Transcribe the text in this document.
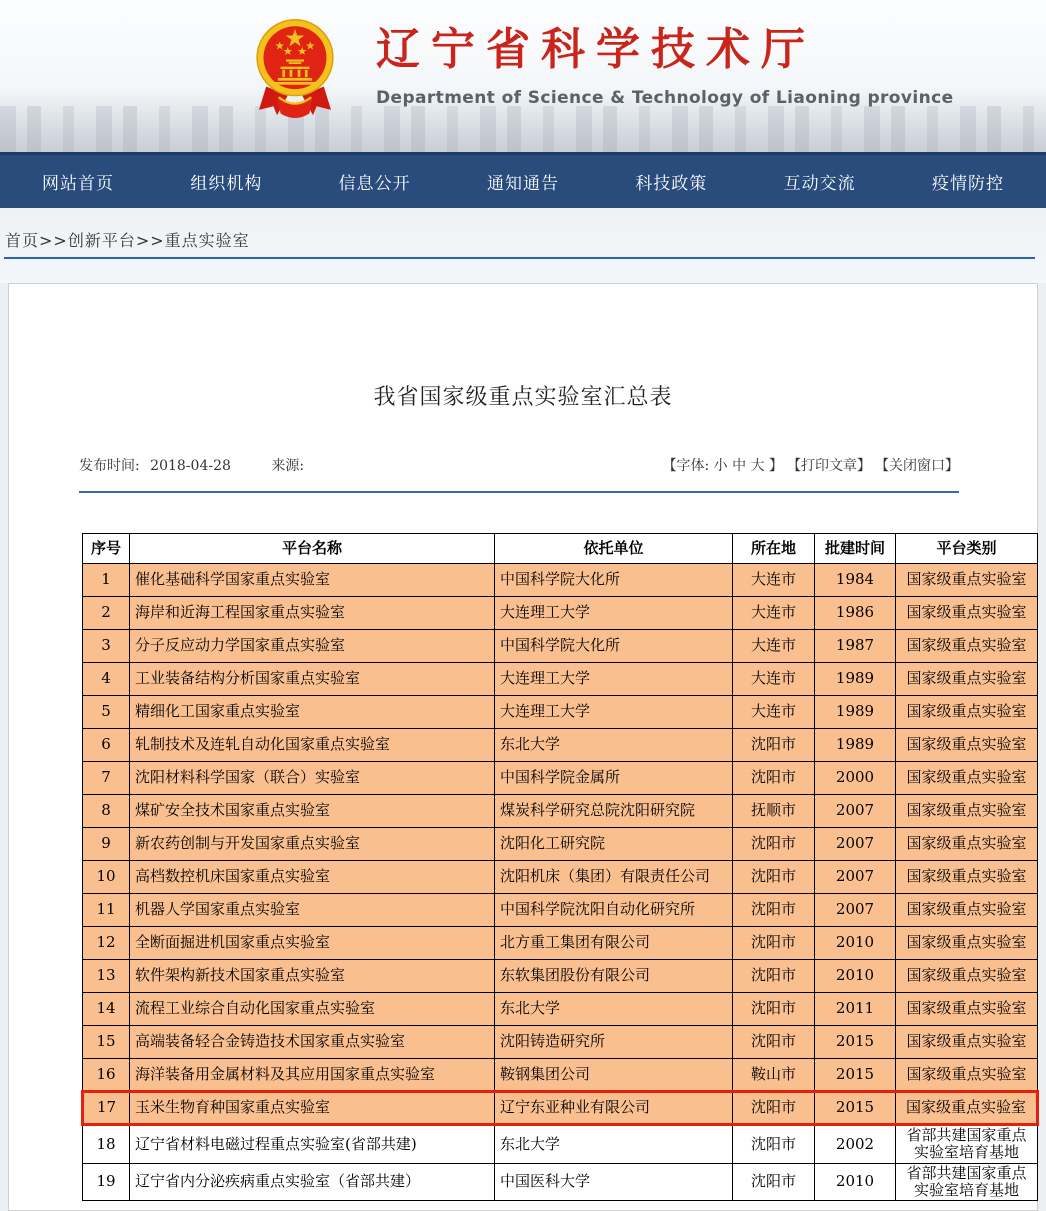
辽宁省科学技术厅
Department of Science & Technology of Liaoning province
网站首页	组织机构	信息公开	通知通告	科技政策	互动交流	疫情防控
首页>>创新平台>>重点实验室
我省国家级重点实验室汇总表
发布时间: 2018-04-28	来源:	【字体: 小 中 大 】 【打印文章】 【关闭窗口】
序号	平台名称	依托单位	所在地	批建时间	平台类别
1	催化基础科学国家重点实验室	中国科学院大化所	大连市	1984	国家级重点实验室
2	海岸和近海工程国家重点实验室	大连理工大学	大连市	1986	国家级重点实验室
3	分子反应动力学国家重点实验室	中国科学院大化所	大连市	1987	国家级重点实验室
4	工业装备结构分析国家重点实验室	大连理工大学	大连市	1989	国家级重点实验室
5	精细化工国家重点实验室	大连理工大学	大连市	1989	国家级重点实验室
6	轧制技术及连轧自动化国家重点实验室	东北大学	沈阳市	1989	国家级重点实验室
7	沈阳材料科学国家（联合）实验室	中国科学院金属所	沈阳市	2000	国家级重点实验室
8	煤矿安全技术国家重点实验室	煤炭科学研究总院沈阳研究院	抚顺市	2007	国家级重点实验室
9	新农药创制与开发国家重点实验室	沈阳化工研究院	沈阳市	2007	国家级重点实验室
10	高档数控机床国家重点实验室	沈阳机床（集团）有限责任公司	沈阳市	2007	国家级重点实验室
11	机器人学国家重点实验室	中国科学院沈阳自动化研究所	沈阳市	2007	国家级重点实验室
12	全断面掘进机国家重点实验室	北方重工集团有限公司	沈阳市	2010	国家级重点实验室
13	软件架构新技术国家重点实验室	东软集团股份有限公司	沈阳市	2010	国家级重点实验室
14	流程工业综合自动化国家重点实验室	东北大学	沈阳市	2011	国家级重点实验室
15	高端装备轻合金铸造技术国家重点实验室	沈阳铸造研究所	沈阳市	2015	国家级重点实验室
16	海洋装备用金属材料及其应用国家重点实验室	鞍钢集团公司	鞍山市	2015	国家级重点实验室
17	玉米生物育种国家重点实验室	辽宁东亚种业有限公司	沈阳市	2015	国家级重点实验室
18	辽宁省材料电磁过程重点实验室(省部共建)	东北大学	沈阳市	2002	省部共建国家重点实验室培育基地
19	辽宁省内分泌疾病重点实验室（省部共建）	中国医科大学	沈阳市	2010	省部共建国家重点实验室培育基地
